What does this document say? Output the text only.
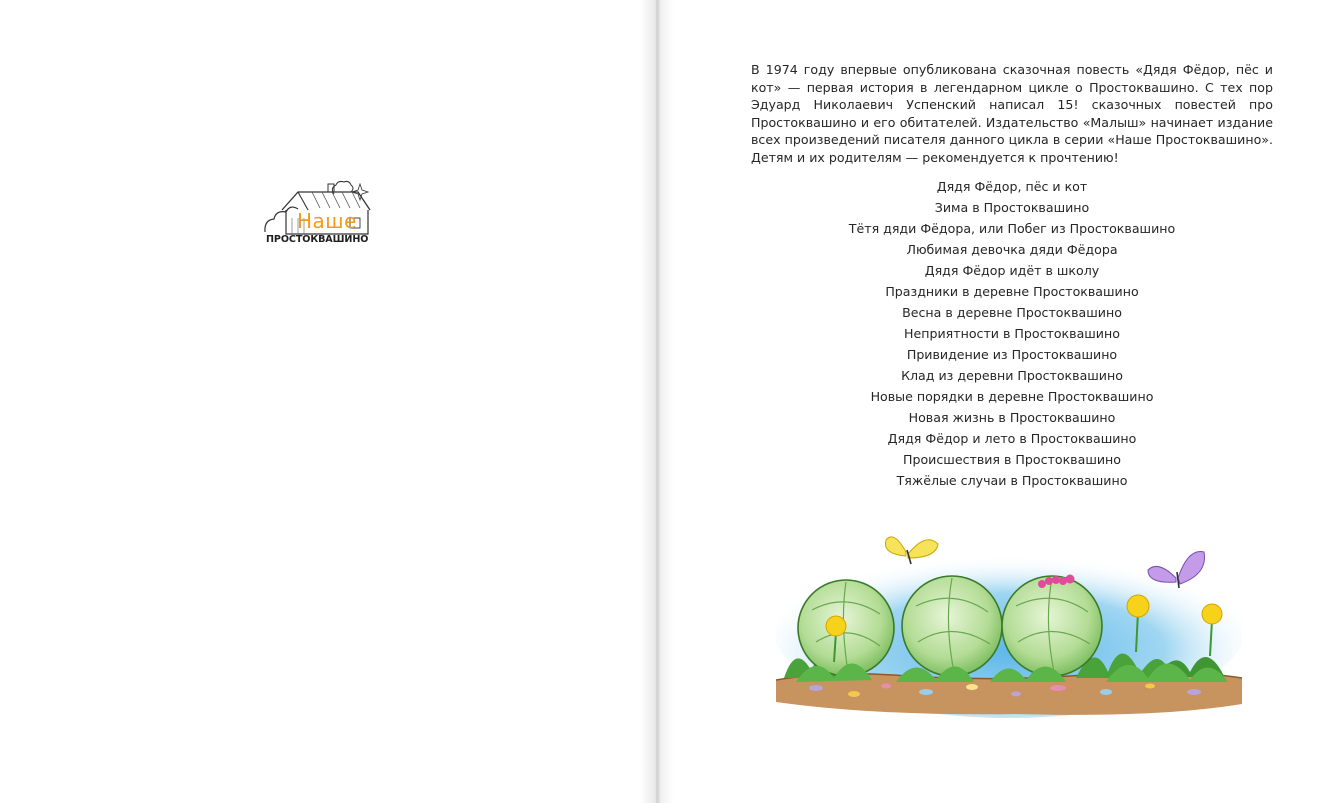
Наше
ПРОСТОКВАШИНО

В 1974 году впервые опубликована сказочная повесть «Дядя Фёдор, пёс и кот» — первая история в легендарном цикле о Простоквашино. С тех пор Эдуард Николаевич Успенский написал 15! сказочных повестей про Простоквашино и его обитателей. Издательство «Малыш» начинает издание всех произведений писателя данного цикла в серии «Наше Простоквашино». Детям и их родителям — рекомендуется к прочтению!

Дядя Фёдор, пёс и кот
Зима в Простоквашино
Тётя дяди Фёдора, или Побег из Простоквашино
Любимая девочка дяди Фёдора
Дядя Фёдор идёт в школу
Праздники в деревне Простоквашино
Весна в деревне Простоквашино
Неприятности в Простоквашино
Привидение из Простоквашино
Клад из деревни Простоквашино
Новые порядки в деревне Простоквашино
Новая жизнь в Простоквашино
Дядя Фёдор и лето в Простоквашино
Происшествия в Простоквашино
Тяжёлые случаи в Простоквашино
